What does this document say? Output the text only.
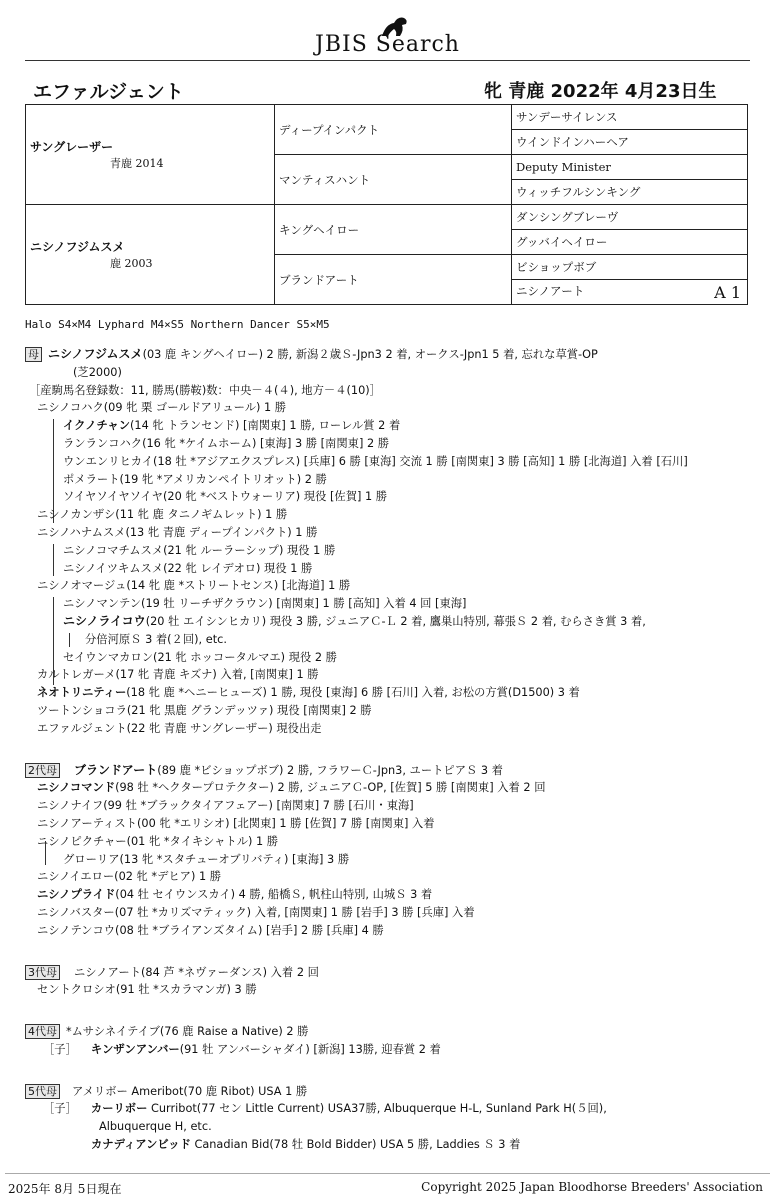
JBIS Search
エファルジェント	牝 青鹿 2022年 4月23日生
サングレーザー
青鹿 2014	ディープインパクト	サンデーサイレンス
		ウインドインハーヘア
	マンティスハント	Deputy Minister
		ウィッチフルシンキング

ニシノフジムスメ
鹿 2003	キングヘイロー	ダンシングブレーヴ
		グッバイヘイロー
	ブランドアート	ビショップボブ
		ニシノアート A 1
Halo S4×M4 Lyphard M4×S5 Northern Dancer S5×M5
母 ニシノフジムスメ(03 鹿 キングヘイロー) 2 勝, 新潟２歳Ｓ-Jpn3 2 着, オークス-Jpn1 5 着, 忘れな草賞-OP
(芝2000)
［産駒馬名登録数：11, 勝馬(勝鞍)数：中央－４(４), 地方－４(10)］
ニシノコハク(09 牝 栗 ゴールドアリュール) 1 勝
イクノチャン(14 牝 トランセンド) [南関東] 1 勝, ローレル賞 2 着
ランランコハク(16 牝 *ケイムホーム) [東海] 3 勝 [南関東] 2 勝
ウンエンリヒカイ(18 牡 *アジアエクスプレス) [兵庫] 6 勝 [東海] 交流 1 勝 [南関東] 3 勝 [高知] 1 勝 [北海道] 入着 [石川]
ポメラート(19 牝 *アメリカンペイトリオット) 2 勝
ソイヤソイヤソイヤ(20 牝 *ベストウォーリア) 現役 [佐賀] 1 勝
ニシノカンザシ(11 牝 鹿 タニノギムレット) 1 勝
ニシノハナムスメ(13 牝 青鹿 ディープインパクト) 1 勝
ニシノコマチムスメ(21 牝 ルーラーシップ) 現役 1 勝
ニシノイツキムスメ(22 牝 レイデオロ) 現役 1 勝
ニシノオマージュ(14 牝 鹿 *ストリートセンス) [北海道] 1 勝
ニシノマンテン(19 牡 リーチザクラウン) [南関東] 1 勝 [高知] 入着 4 回 [東海]
ニシノライコウ(20 牡 エイシンヒカリ) 現役 3 勝, ジュニアＣ-Ｌ 2 着, 鷹巣山特別, 幕張Ｓ 2 着, むらさき賞 3 着,
分倍河原Ｓ 3 着(２回), etc.
セイウンマカロン(21 牝 ホッコータルマエ) 現役 2 勝
カルトレガーメ(17 牝 青鹿 キズナ) 入着, [南関東] 1 勝
ネオトリニティー(18 牝 鹿 *ヘニーヒューズ) 1 勝, 現役 [東海] 6 勝 [石川] 入着, お松の方賞(D1500) 3 着
ツートンショコラ(21 牝 黒鹿 グランデッツァ) 現役 [南関東] 2 勝
エファルジェント(22 牝 青鹿 サングレーザー) 現役出走
2代母 ブランドアート(89 鹿 *ビショップボブ) 2 勝, フラワーＣ-Jpn3, ユートピアＳ 3 着
ニシノコマンド(98 牡 *ヘクタープロテクター) 2 勝, ジュニアＣ-OP, [佐賀] 5 勝 [南関東] 入着 2 回
ニシノナイフ(99 牡 *ブラックタイアフェアー) [南関東] 7 勝 [石川・東海]
ニシノアーティスト(00 牝 *エリシオ) [北関東] 1 勝 [佐賀] 7 勝 [南関東] 入着
ニシノピクチャー(01 牝 *タイキシャトル) 1 勝
グローリア(13 牝 *スタチューオブリバティ) [東海] 3 勝
ニシノイエロー(02 牝 *デヒア) 1 勝
ニシノプライド(04 牡 セイウンスカイ) 4 勝, 船橋Ｓ, 帆柱山特別, 山城Ｓ 3 着
ニシノバスター(07 牡 *カリズマティック) 入着, [南関東] 1 勝 [岩手] 3 勝 [兵庫] 入着
ニシノテンコウ(08 牡 *ブライアンズタイム) [岩手] 2 勝 [兵庫] 4 勝
3代母 ニシノアート(84 芦 *ネヴァーダンス) 入着 2 回
セントクロシオ(91 牡 *スカラマンガ) 3 勝
4代母 *ムサシネイテイブ(76 鹿 Raise a Native) 2 勝
［子］ キンザンアンバー(91 牡 アンバーシャダイ) [新潟] 13勝, 迎春賞 2 着
5代母 アメリボー Ameribot(70 鹿 Ribot) USA 1 勝
［子］ カーリボー Curribot(77 セン Little Current) USA37勝, Albuquerque H-L, Sunland Park H(５回),
Albuquerque H, etc.
カナディアンビッド Canadian Bid(78 牡 Bold Bidder) USA 5 勝, Laddies Ｓ 3 着
2025年 8月 5日現在	Copyright 2025 Japan Bloodhorse Breeders' Association
